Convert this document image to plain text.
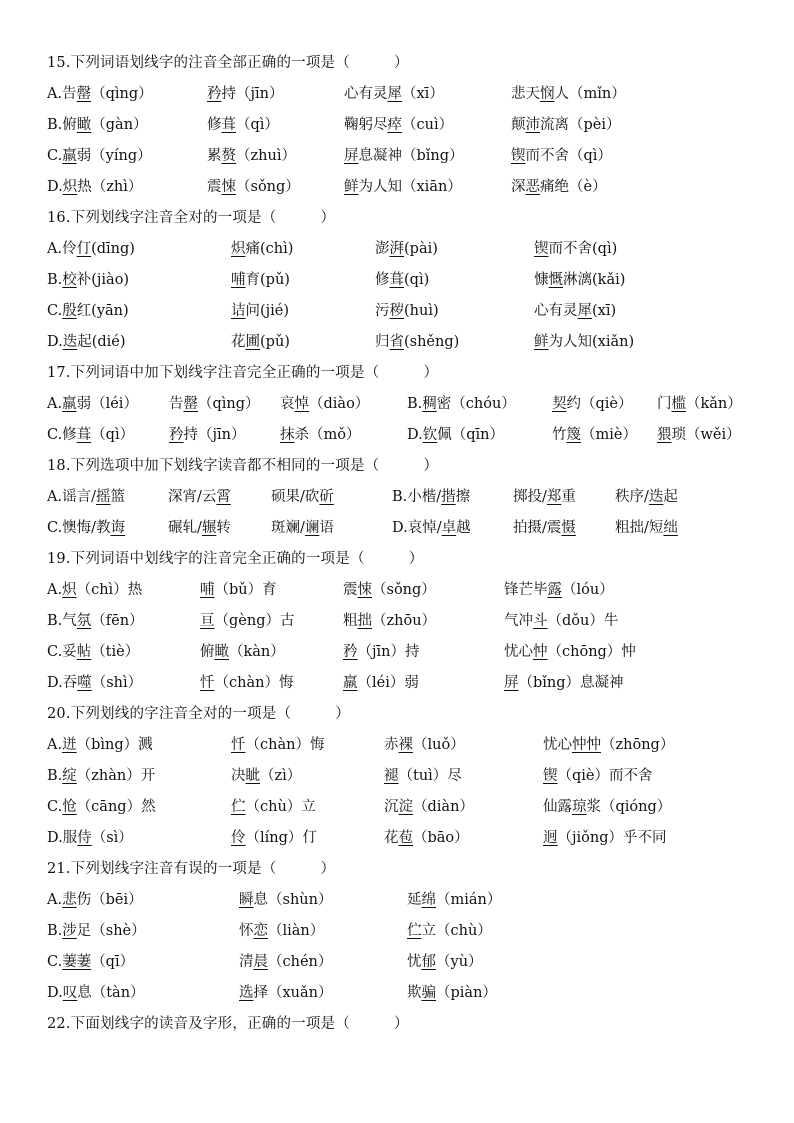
15.下列词语划线字的注音全部正确的一项是（　　　）
A.告罄（qìng）	矜持（jīn）	心有灵犀（xī）	悲天悯人（mǐn）
B.俯瞰（gàn）	修葺（qì）	鞠躬尽瘁（cuì）	颠沛流离（pèi）
C.羸弱（yíng）	累赘（zhuì）	屏息凝神（bǐng）	锲而不舍（qì）
D.炽热（zhì）	震悚（sǒng）	鲜为人知（xiān）	深恶痛绝（è）
16.下列划线字注音全对的一项是（　　　）
A.伶仃(dīng)	炽痛(chì)	澎湃(pài)	锲而不舍(qì)
B.校补(jiào)	哺育(pǔ)	修葺(qì)	慷慨淋漓(kǎi)
C.殷红(yān)	诘问(jié)	污秽(huì)	心有灵犀(xī)
D.迭起(dié)	花圃(pǔ)	归省(shěng)	鲜为人知(xiǎn)
17.下列词语中加下划线字注音完全正确的一项是（　　　）
A.羸弱（léi） 告罄（qìng） 哀悼（diào）	B.稠密（chóu） 契约（qiè） 门槛（kǎn）
C.修葺（qì） 矜持（jīn） 抹杀（mǒ）	D.钦佩（qīn）	竹篾（miè） 猥琐（wěi）
18.下列选项中加下划线字读音都不相同的一项是（　　　）
A.谣言/摇篮	深宵/云霄	硕果/砍斫	B.小楷/揩擦	掷投/郑重	秩序/迭起
C.懊悔/教诲	碾轧/辗转	斑斓/谰语	D.哀悼/卓越	拍摄/震慑	粗拙/短绌
19.下列词语中划线字的注音完全正确的一项是（　　　）
A.炽（chì）热	哺（bǔ）育	震悚（sǒng）	锋芒毕露（lóu）
B.气氛（fēn）	亘（gèng）古	粗拙（zhōu）	气冲斗（dǒu）牛
C.妥帖（tiè）	俯瞰（kàn）	矜（jīn）持	忧心忡（chōng）忡
D.吞噬（shì）	忏（chàn）悔	羸（léi）弱	屏（bǐng）息凝神
20.下列划线的字注音全对的一项是（　　　）
A.迸（bìng）溅	忏（chàn）悔	赤裸（luǒ）	忧心忡忡（zhōng）
B.绽（zhàn）开	决眦（zì）	褪（tuì）尽	锲（qiè）而不舍
C.怆（cāng）然	伫（chù）立	沉淀（diàn）	仙露琼浆（qióng）
D.服侍（sì）	伶（líng）仃	花苞（bāo）	迥（jiǒng）乎不同
21.下列划线字注音有误的一项是（　　　）
A.悲伤（bēi）	瞬息（shùn）	延绵（mián）
B.涉足（shè）	怀恋（liàn）	伫立（chù）
C.萋萋（qī）	清晨（chén）	忧郁（yù）
D.叹息（tàn）	选择（xuǎn）	欺骗（piàn）
22.下面划线字的读音及字形，正确的一项是（　　　）
